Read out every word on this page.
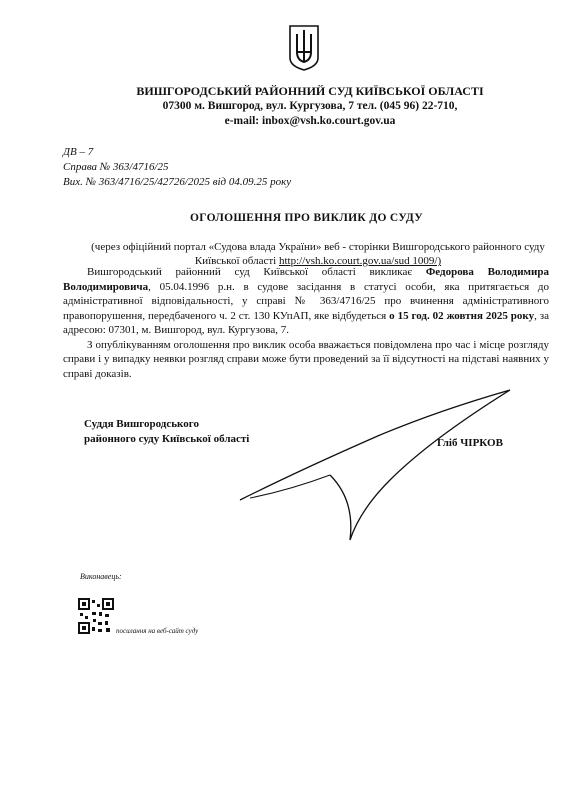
ВИШГОРОДСЬКИЙ РАЙОННИЙ СУД КИЇВСЬКОЇ ОБЛАСТІ
07300 м. Вишгород, вул. Кургузова, 7 тел. (045 96) 22-710,
e-mail: inbox@vsh.ko.court.gov.ua
ДВ – 7
Справа № 363/4716/25
Вих. № 363/4716/25/42726/2025 від 04.09.25 року
ОГОЛОШЕННЯ ПРО ВИКЛИК ДО СУДУ
(через офіційний портал «Судова влада України» веб - сторінки Вишгородського районного суду Київської області http://vsh.ko.court.gov.ua/sud 1009/)

Вишгородський районний суд Київської області викликає Федорова Володимира Володимировича, 05.04.1996 р.н. в судове засідання в статусі особи, яка притягається до адміністративної відповідальності, у справі № 363/4716/25 про вчинення адміністративного правопорушення, передбаченого ч. 2 ст. 130 КУпАП, яке відбудеться о 15 год. 02 жовтня 2025 року, за адресою: 07301, м. Вишгород, вул. Кургузова, 7.

З опублікуванням оголошення про виклик особа вважається повідомлена про час і місце розгляду справи і у випадку неявки розгляд справи може бути проведений за її відсутності на підставі наявних у справі доказів.

Суддя Вишгородського
районного суду Київської області	Гліб ЧІРКОВ
Виконавець:
посилання на веб-сайт суду
